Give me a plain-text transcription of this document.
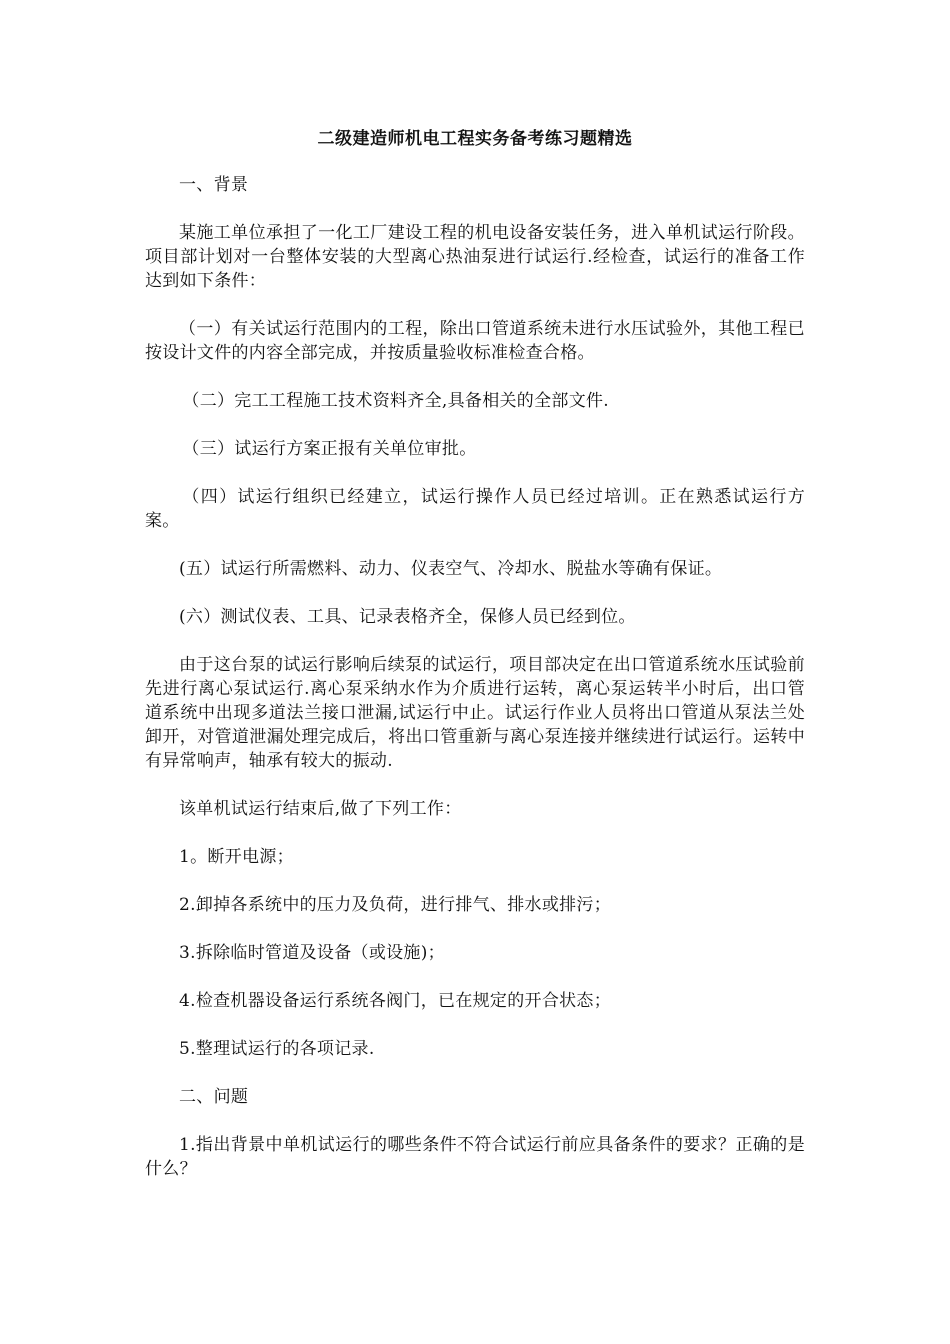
二级建造师机电工程实务备考练习题精选

一、背景

某施工单位承担了一化工厂建设工程的机电设备安装任务，进入单机试运行阶段。项目部计划对一台整体安装的大型离心热油泵进行试运行.经检查，试运行的准备工作达到如下条件：

（一）有关试运行范围内的工程，除出口管道系统未进行水压试验外，其他工程已按设计文件的内容全部完成，并按质量验收标准检查合格。

（二）完工工程施工技术资料齐全,具备相关的全部文件.

（三）试运行方案正报有关单位审批。

（四）试运行组织已经建立，试运行操作人员已经过培训。正在熟悉试运行方案。

(五）试运行所需燃料、动力、仪表空气、冷却水、脱盐水等确有保证。

(六）测试仪表、工具、记录表格齐全，保修人员已经到位。

由于这台泵的试运行影响后续泵的试运行，项目部决定在出口管道系统水压试验前先进行离心泵试运行.离心泵采纳水作为介质进行运转，离心泵运转半小时后，出口管道系统中出现多道法兰接口泄漏,试运行中止。试运行作业人员将出口管道从泵法兰处卸开，对管道泄漏处理完成后，将出口管重新与离心泵连接并继续进行试运行。运转中有异常响声，轴承有较大的振动.

该单机试运行结束后,做了下列工作：

1。断开电源；

2.卸掉各系统中的压力及负荷，进行排气、排水或排污；

3.拆除临时管道及设备（或设施)；

4.检查机器设备运行系统各阀门，已在规定的开合状态；

5.整理试运行的各项记录.

二、问题

1.指出背景中单机试运行的哪些条件不符合试运行前应具备条件的要求？正确的是什么？
